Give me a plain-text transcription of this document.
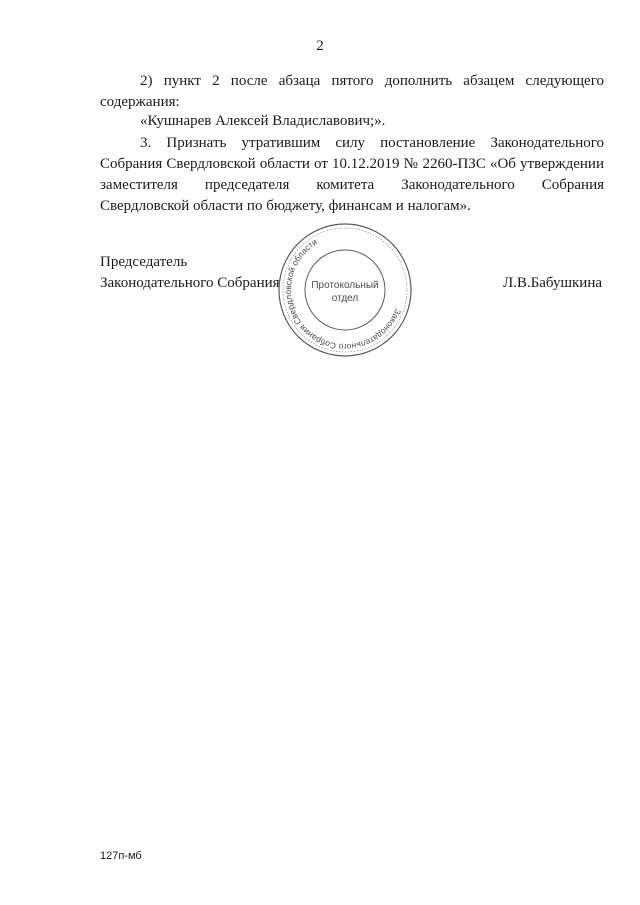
2

2) пункт 2 после абзаца пятого дополнить абзацем следующего содержания:

«Кушнарев Алексей Владиславович;».

3. Признать утратившим силу постановление Законодательного Собрания Свердловской области от 10.12.2019 № 2260-ПЗС «Об утверждении заместителя председателя комитета Законодательного Собрания Свердловской области по бюджету, финансам и налогам».

Председатель
Законодательного Собрания
Законодательного Собрания Свердловской области
Протокольный
отдел
Л.В.Бабушкина
127п-мб
